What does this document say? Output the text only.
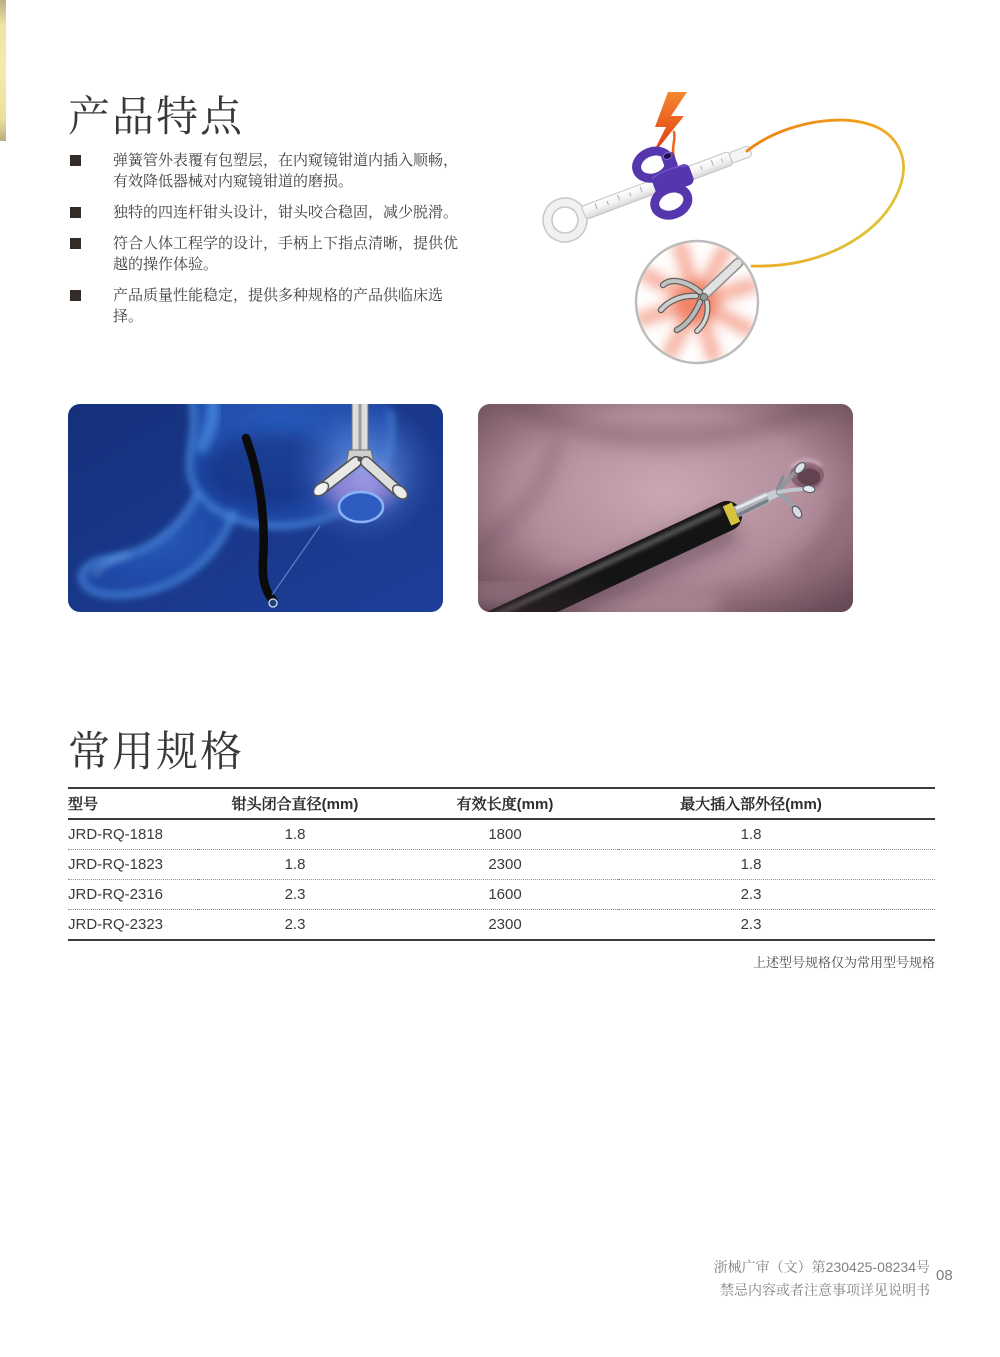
产品特点
弹簧管外表覆有包塑层，在内窥镜钳道内插入顺畅，有效降低器械对内窥镜钳道的磨损。
独特的四连杆钳头设计，钳头咬合稳固，减少脱滑。
符合人体工程学的设计，手柄上下指点清晰，提供优越的操作体验。
产品质量性能稳定，提供多种规格的产品供临床选择。
常用规格
型号	钳头闭合直径(mm)	有效长度(mm)	最大插入部外径(mm)	
JRD-RQ-1818	1.8	1800	1.8	
JRD-RQ-1823	1.8	2300	1.8	
JRD-RQ-2316	2.3	1600	2.3	
JRD-RQ-2323	2.3	2300	2.3	
上述型号规格仅为常用型号规格
浙械广审（文）第230425-08234号
禁忌内容或者注意事项详见说明书
08
